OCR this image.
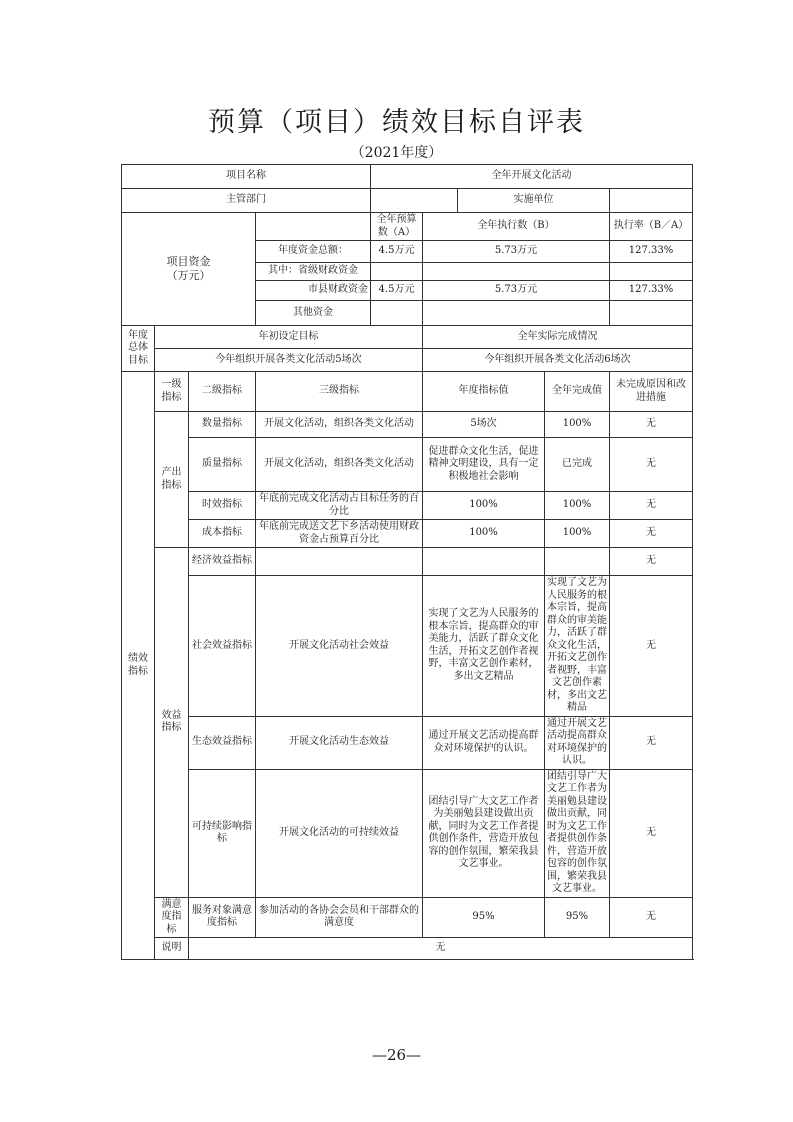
预算（项目）绩效目标自评表
（2021年度）
项目名称				全年开展文化活动				
主管部门						实施单位		
项目资金
（万元）				全年预算数（A）	全年执行数（B）			执行率（B／A）
			年度资金总额：	4.5万元	5.73万元			127.33%
			其中：省级财政资金					
			市县财政资金	4.5万元	5.73万元			127.33%
			其他资金					
年度总体目标	年初设定目标				全年实际完成情况			
	今年组织开展各类文化活动5场次				今年组织开展各类文化活动6场次			
绩效指标	一级指标	二级指标	三级指标		年度指标值		全年完成值	未完成原因和改进措施
	产出指标	数量指标	开展文化活动，组织各类文化活动		5场次		100%	无
		质量指标	开展文化活动，组织各类文化活动		促进群众文化生活，促进精神文明建设，具有一定积极地社会影响		已完成	无
		时效指标	年底前完成文化活动占目标任务的百分比		100%		100%	无
		成本指标	年底前完成送文艺下乡活动使用财政资金占预算百分比		100%		100%	无
	效益指标	经济效益指标						无
		社会效益指标	开展文化活动社会效益		实现了文艺为人民服务的根本宗旨，提高群众的审美能力，活跃了群众文化生活，开拓文艺创作者视野，丰富文艺创作素材，多出文艺精品		实现了文艺为人民服务的根本宗旨，提高群众的审美能力，活跃了群众文化生活，开拓文艺创作者视野，丰富文艺创作素材，多出文艺精品	无
		生态效益指标	开展文化活动生态效益		通过开展文艺活动提高群众对环境保护的认识。		通过开展文艺活动提高群众对环境保护的认识。	无
		可持续影响指标	开展文化活动的可持续效益		团结引导广大文艺工作者为美丽勉县建设做出贡献，同时为文艺工作者提供创作条件，营造开放包容的创作氛围，繁荣我县文艺事业。		团结引导广大文艺工作者为美丽勉县建设做出贡献，同时为文艺工作者提供创作条件，营造开放包容的创作氛围，繁荣我县文艺事业。	无
	满意度指标	服务对象满意度指标	参加活动的各协会会员和干部群众的满意度		95%		95%	无
	说明	无						
—26—
